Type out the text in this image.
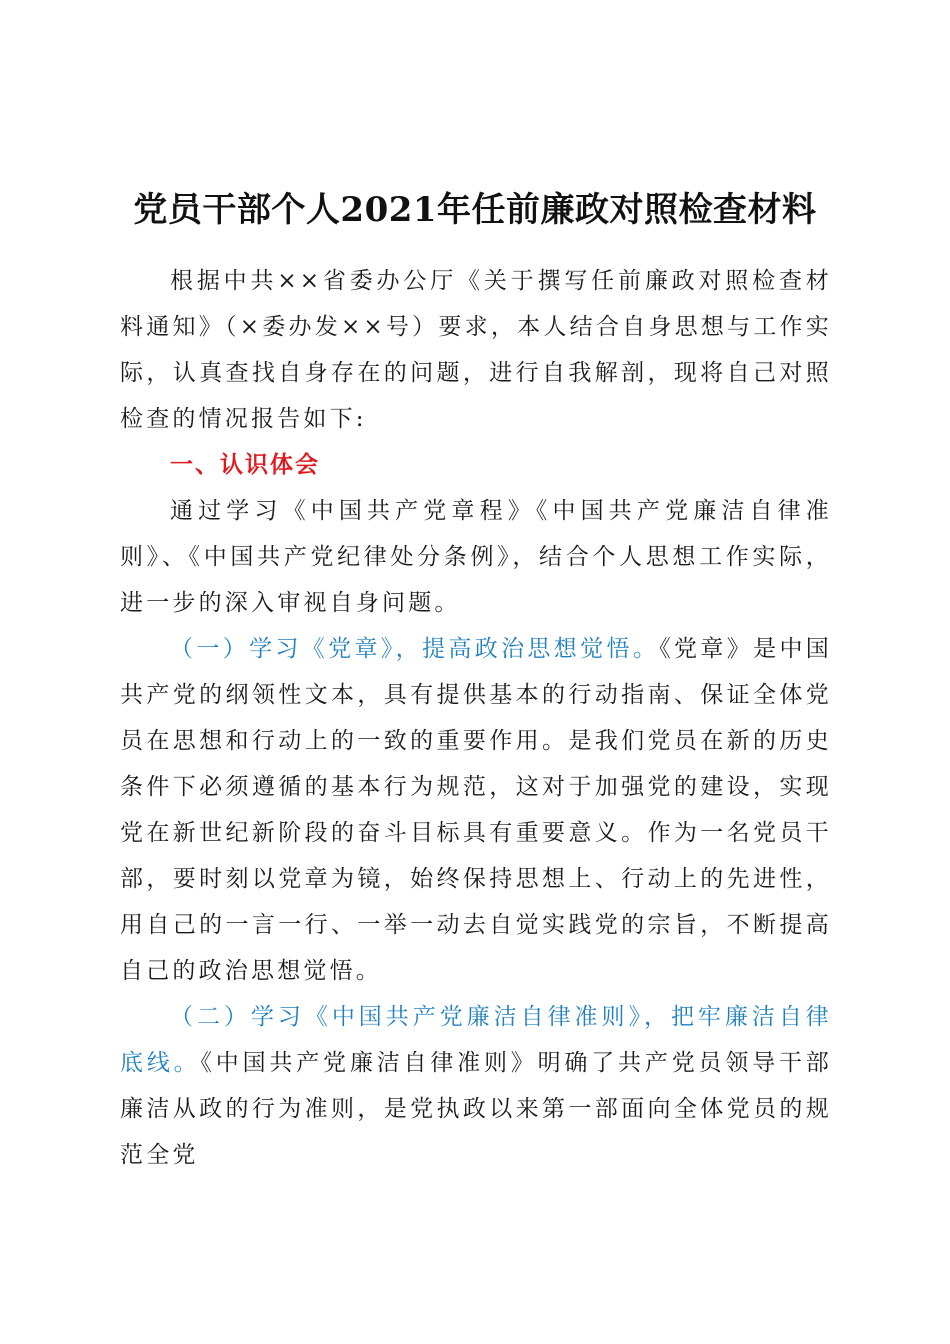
党员干部个人2021年任前廉政对照检查材料

根据中共××省委办公厅《关于撰写任前廉政对照检查材料通知》（×委办发××号）要求，本人结合自身思想与工作实际，认真查找自身存在的问题，进行自我解剖，现将自己对照检查的情况报告如下:

一、认识体会

通过学习《中国共产党章程》《中国共产党廉洁自律准则》、《中国共产党纪律处分条例》，结合个人思想工作实际，进一步的深入审视自身问题。

（一）学习《党章》，提高政治思想觉悟。《党章》是中国共产党的纲领性文本，具有提供基本的行动指南、保证全体党员在思想和行动上的一致的重要作用。是我们党员在新的历史条件下必须遵循的基本行为规范，这对于加强党的建设，实现党在新世纪新阶段的奋斗目标具有重要意义。作为一名党员干部，要时刻以党章为镜，始终保持思想上、行动上的先进性，用自己的一言一行、一举一动去自觉实践党的宗旨，不断提高自己的政治思想觉悟。

（二）学习《中国共产党廉洁自律准则》，把牢廉洁自律底线。《中国共产党廉洁自律准则》明确了共产党员领导干部廉洁从政的行为准则，是党执政以来第一部面向全体党员的规范全党
